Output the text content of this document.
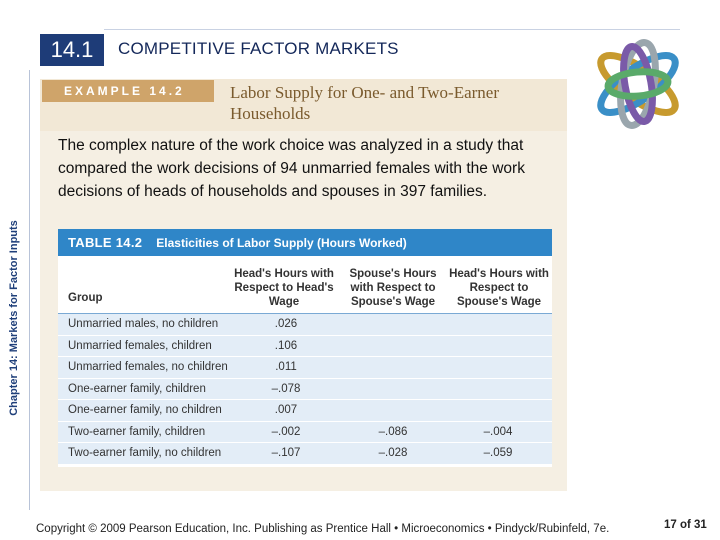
Chapter 14: Markets for Factor Inputs
14.1 COMPETITIVE FACTOR MARKETS
EXAMPLE 14.2	Labor Supply for One- and Two-Earner Households
The complex nature of the work choice was analyzed in a study that compared the work decisions of 94 unmarried females with the work decisions of heads of households and spouses in 397 families.
TABLE 14.2 Elasticities of Labor Supply (Hours Worked)
Head's Hours with Respect to Head's Wage
Spouse's Hours with Respect to Spouse's Wage
Head's Hours with Respect to Spouse's Wage
Group
Unmarried males, no children	.026
Unmarried females, children	.106
Unmarried females, no children	.011
One-earner family, children	–.078
One-earner family, no children	.007
Two-earner family, children	–.002	–.086	–.004
Two-earner family, no children	–.107	–.028	–.059
Copyright © 2009 Pearson Education, Inc. Publishing as Prentice Hall • Microeconomics • Pindyck/Rubinfeld, 7e.	17 of 31
